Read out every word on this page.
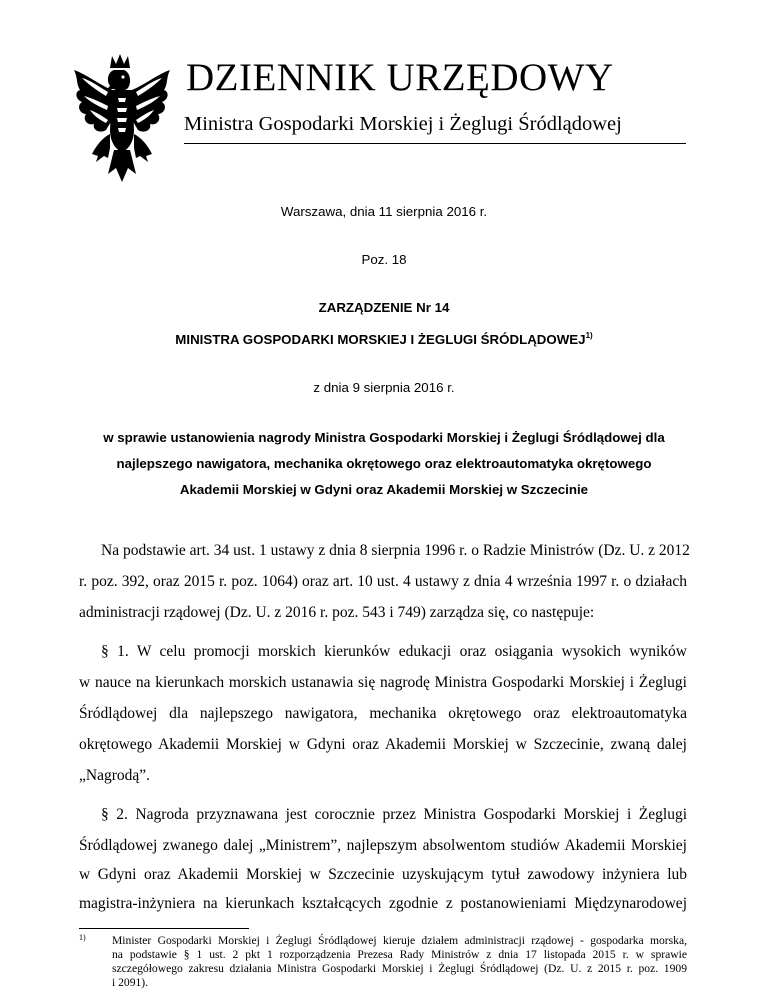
DZIENNIK URZĘDOWY
Ministra Gospodarki Morskiej i Żeglugi Śródlądowej
Warszawa, dnia 11 sierpnia 2016 r.
Poz. 18
ZARZĄDZENIE Nr 14
MINISTRA GOSPODARKI MORSKIEJ I ŻEGLUGI ŚRÓDLĄDOWEJ$^{1)}$
z dnia 9 sierpnia 2016 r.
w sprawie ustanowienia nagrody Ministra Gospodarki Morskiej i Żeglugi Śródlądowej dla
najlepszego nawigatora, mechanika okrętowego oraz elektroautomatyka okrętowego
Akademii Morskiej w Gdyni oraz Akademii Morskiej w Szczecinie
Na podstawie art. 34 ust. 1 ustawy z dnia 8 sierpnia 1996 r. o Radzie Ministrów (Dz. U. z 2012
r. poz. 392, oraz 2015 r. poz. 1064) oraz art. 10 ust. 4 ustawy z dnia 4 września 1997 r. o działach
administracji rządowej (Dz. U. z 2016 r. poz. 543 i 749) zarządza się, co następuje:
§ 1. W celu promocji morskich kierunków edukacji oraz osiągania wysokich wyników
w nauce na kierunkach morskich ustanawia się nagrodę Ministra Gospodarki Morskiej i Żeglugi
Śródlądowej dla najlepszego nawigatora, mechanika okrętowego oraz elektroautomatyka
okrętowego Akademii Morskiej w Gdyni oraz Akademii Morskiej w Szczecinie, zwaną dalej
„Nagrodą”.
§ 2. Nagroda przyznawana jest corocznie przez Ministra Gospodarki Morskiej i Żeglugi
Śródlądowej zwanego dalej „Ministrem”, najlepszym absolwentom studiów Akademii Morskiej
w Gdyni oraz Akademii Morskiej w Szczecinie uzyskującym tytuł zawodowy inżyniera lub
magistra-inżyniera na kierunkach kształcących zgodnie z postanowieniami Międzynarodowej
1) Minister Gospodarki Morskiej i Żeglugi Śródlądowej kieruje działem administracji rządowej - gospodarka morska,
na podstawie § 1 ust. 2 pkt 1 rozporządzenia Prezesa Rady Ministrów z dnia 17 listopada 2015 r. w sprawie
szczegółowego zakresu działania Ministra Gospodarki Morskiej i Żeglugi Śródlądowej (Dz. U. z 2015 r. poz. 1909
i 2091).
